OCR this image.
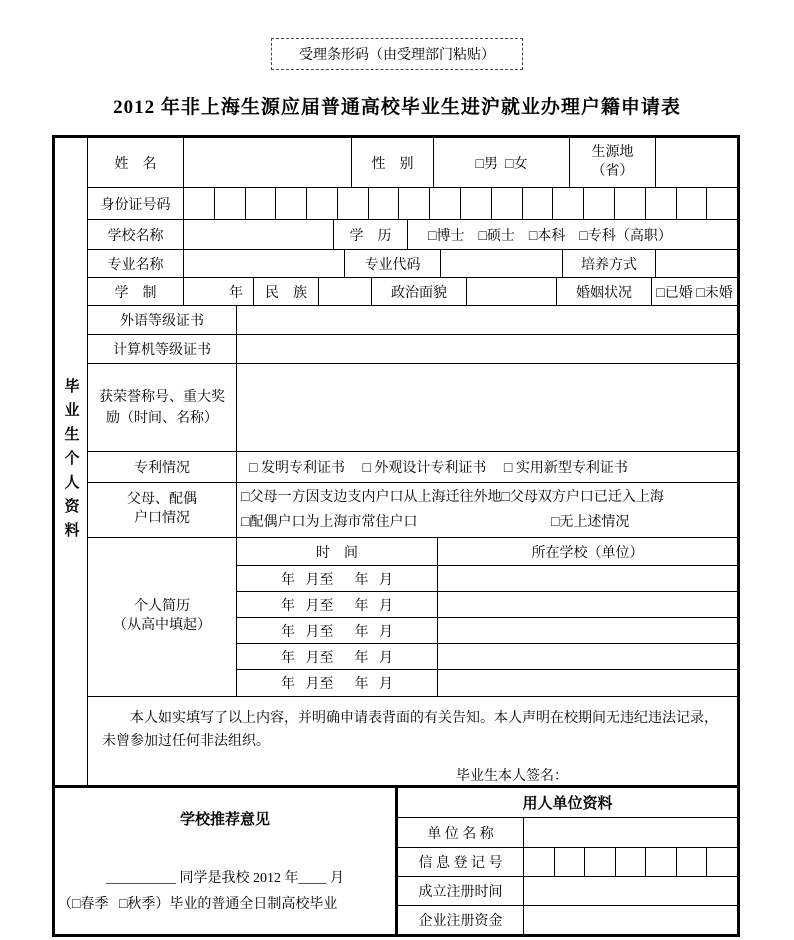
受理条形码（由受理部门粘贴）
2012 年非上海生源应届普通高校毕业生进沪就业办理户籍申请表
毕业生个人资料
姓　名	性　别	□男  □女
生源地
（省）
身份证号码
学校名称	学　历	□博士    □硕士    □本科    □专科（高职）
专业名称	专业代码	培养方式
学　制	年	民　族	政治面貌	婚姻状况	□已婚 □未婚
外语等级证书
计算机等级证书
获荣誉称号、重大奖励（时间、名称）
专利情况	□ 发明专利证书     □ 外观设计专利证书     □ 实用新型专利证书
父母、配偶
户口情况
□父母一方因支边支内户口从上海迁往外地 □父母双方户口已迁入上海
□配偶户口为上海市常住户口	□无上述情况
个人简历
（从高中填起）
时　间	所在学校（单位）
年   月至      年   月
年   月至      年   月
年   月至      年   月
年   月至      年   月
年   月至      年   月
本人如实填写了以上内容，并明确申请表背面的有关告知。本人声明在校期间无违纪违法记录，未曾参加过任何非法组织。
毕业生本人签名：
学校推荐意见
__________ 同学是我校 2012 年____ 月
（□春季   □秋季）毕业的普通全日制高校毕业
用人单位资料
单 位 名 称
信 息 登 记 号
成立注册时间
企业注册资金
